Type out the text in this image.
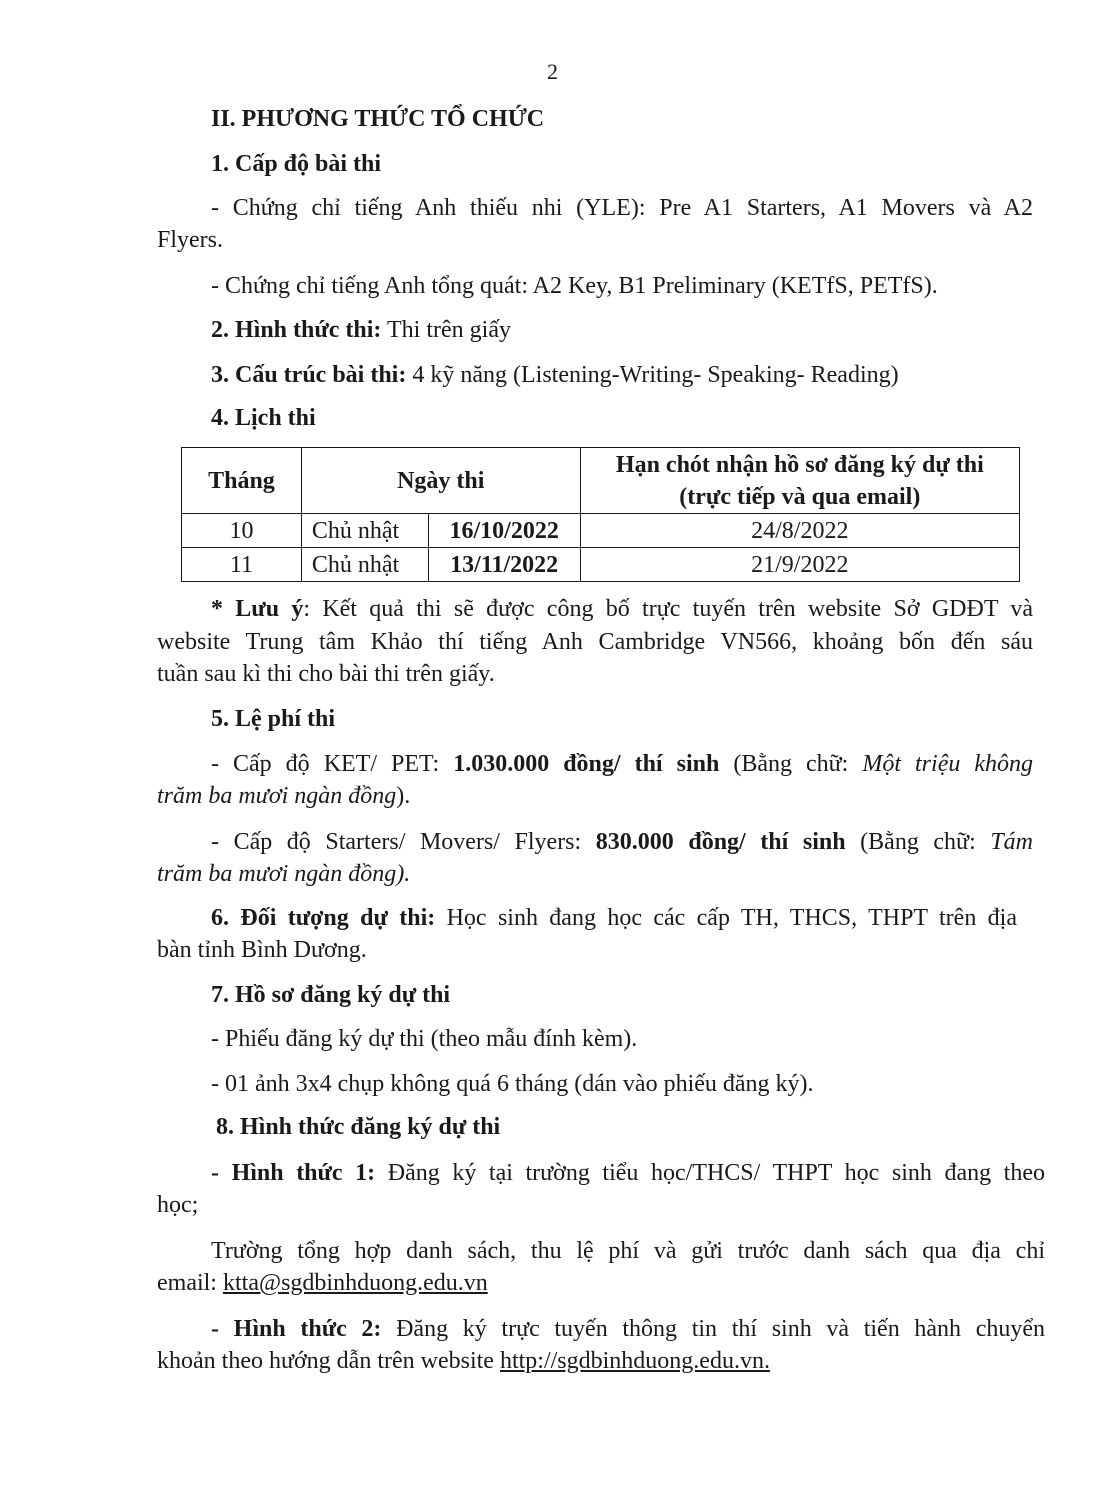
2
II. PHƯƠNG THỨC TỔ CHỨC
1. Cấp độ bài thi
- Chứng chỉ tiếng Anh thiếu nhi (YLE): Pre A1 Starters, A1 Movers và A2
Flyers.
- Chứng chỉ tiếng Anh tổng quát: A2 Key, B1 Preliminary (KETfS, PETfS).
2. Hình thức thi: Thi trên giấy
3. Cấu trúc bài thi: 4 kỹ năng (Listening-Writing- Speaking- Reading)
4. Lịch thi
Tháng	Ngày thi		Hạn chót nhận hồ sơ đăng ký dự thi
(trực tiếp và qua email)

10	Chủ nhật	16/10/2022	24/8/2022
11	Chủ nhật	13/11/2022	21/9/2022
* Lưu ý: Kết quả thi sẽ được công bố trực tuyến trên website Sở GDĐT và
website Trung tâm Khảo thí tiếng Anh Cambridge VN566, khoảng bốn đến sáu
tuần sau kì thi cho bài thi trên giấy.
5. Lệ phí thi
- Cấp độ KET/ PET: 1.030.000 đồng/ thí sinh (Bằng chữ: Một triệu không
trăm ba mươi ngàn đồng).
- Cấp độ Starters/ Movers/ Flyers: 830.000 đồng/ thí sinh (Bằng chữ: Tám
trăm ba mươi ngàn đồng).
6. Đối tượng dự thi: Học sinh đang học các cấp TH, THCS, THPT trên địa
bàn tỉnh Bình Dương.
7. Hồ sơ đăng ký dự thi
- Phiếu đăng ký dự thi (theo mẫu đính kèm).
- 01 ảnh 3x4 chụp không quá 6 tháng (dán vào phiếu đăng ký).
8. Hình thức đăng ký dự thi
- Hình thức 1: Đăng ký tại trường tiểu học/THCS/ THPT học sinh đang theo
học;
Trường tổng hợp danh sách, thu lệ phí và gửi trước danh sách qua địa chỉ
email: ktta@sgdbinhduong.edu.vn
- Hình thức 2: Đăng ký trực tuyến thông tin thí sinh và tiến hành chuyển
khoản theo hướng dẫn trên website http://sgdbinhduong.edu.vn.
